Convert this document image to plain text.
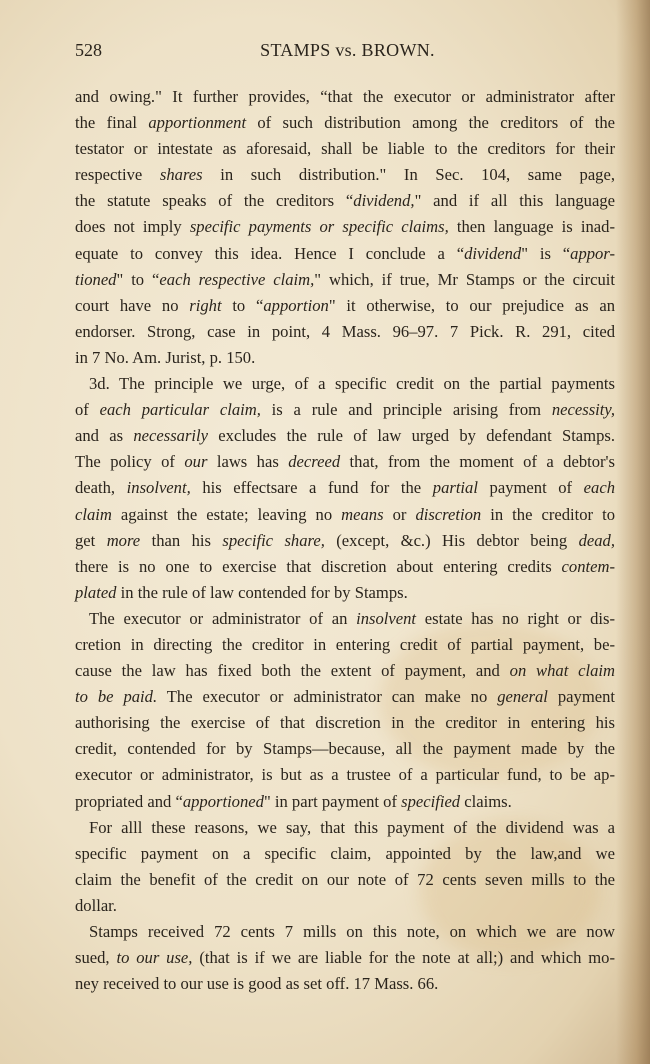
528	STAMPS vs. BROWN.
and owing." It further provides, “that the executor or administrator after
the final apportionment of such distribution among the creditors of the
testator or intestate as aforesaid, shall be liable to the creditors for their
respective shares in such distribution." In Sec. 104, same page,
the statute speaks of the creditors “dividend," and if all this language
does not imply specific payments or specific claims, then language is inad-
equate to convey this idea. Hence I conclude a “dividend" is “appor-
tioned" to “each respective claim," which, if true, Mr Stamps or the circuit
court have no right to “apportion" it otherwise, to our prejudice as an
endorser. Strong, case in point, 4 Mass. 96–97. 7 Pick. R. 291, cited
in 7 No. Am. Jurist, p. 150.
3d. The principle we urge, of a specific credit on the partial payments
of each particular claim, is a rule and principle arising from necessity,
and as necessarily excludes the rule of law urged by defendant Stamps.
The policy of our laws has decreed that, from the moment of a debtor's
death, insolvent, his effectsare a fund for the partial payment of each
claim against the estate; leaving no means or discretion in the creditor to
get more than his specific share, (except, &c.) His debtor being dead,
there is no one to exercise that discretion about entering credits contem-
plated in the rule of law contended for by Stamps.
The executor or administrator of an insolvent estate has no right or dis-
cretion in directing the creditor in entering credit of partial payment, be-
cause the law has fixed both the extent of payment, and on what claim
to be paid. The executor or administrator can make no general payment
authorising the exercise of that discretion in the creditor in entering his
credit, contended for by Stamps—because, all the payment made by the
executor or administrator, is but as a trustee of a particular fund, to be ap-
propriated and “apportioned" in part payment of specified claims.
For alll these reasons, we say, that this payment of the dividend was a
specific payment on a specific claim, appointed by the law,and we
claim the benefit of the credit on our note of 72 cents seven mills to the
dollar.
Stamps received 72 cents 7 mills on this note, on which we are now
sued, to our use, (that is if we are liable for the note at all;) and which mo-
ney received to our use is good as set off. 17 Mass. 66.
